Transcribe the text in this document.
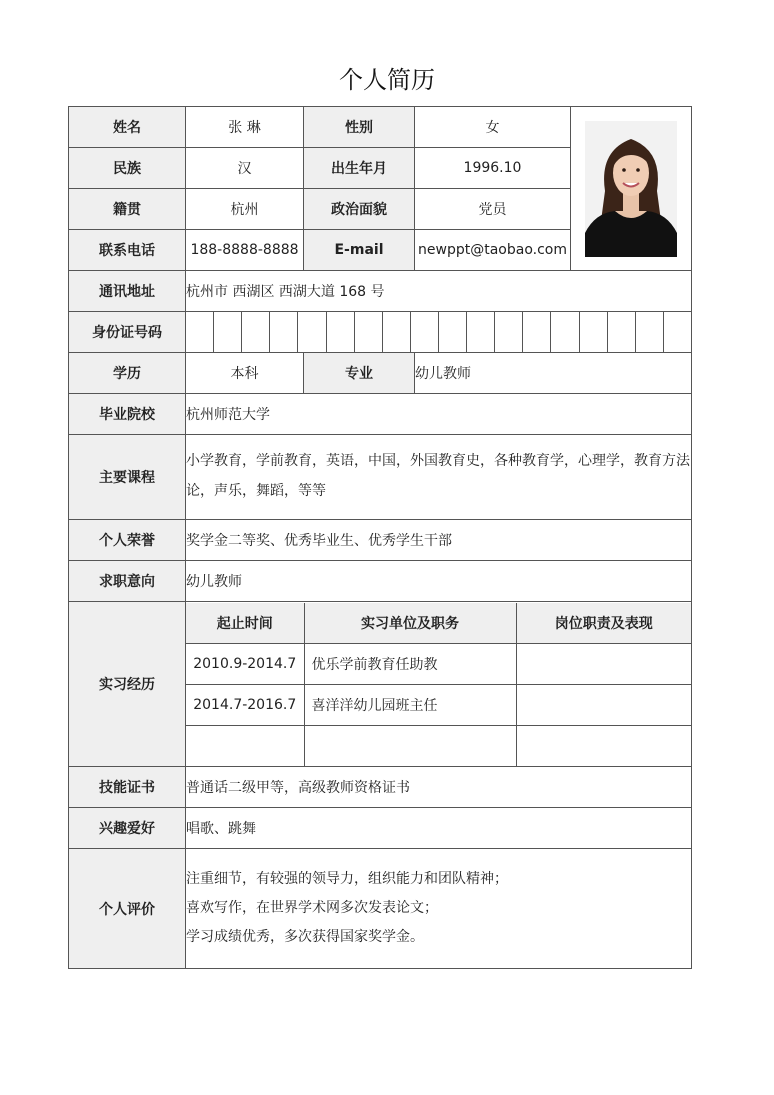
个人简历
姓名	张 琳	性别	女	

民族	汉	出生年月	1996.10
籍贯	杭州	政治面貌	党员
联系电话	188-8888-8888	E-mail	newppt@taobao.com
通讯地址	杭州市 西湖区 西湖大道 168 号
身份证号码	

学历	本科	专业	幼儿教师
毕业院校	杭州师范大学
主要课程	
小学教育，学前教育，英语，中国，外国教育史，各种教育学，心理学，教育方法
论，声乐，舞蹈，等等

个人荣誉	奖学金二等奖、优秀毕业生、优秀学生干部
求职意向	幼儿教师
实习经历	
起止时间	实习单位及职务	岗位职责及表现
2010.9-2014.7	优乐学前教育任助教	
2014.7-2016.7	喜洋洋幼儿园班主任	

技能证书	普通话二级甲等，高级教师资格证书
兴趣爱好	唱歌、跳舞
个人评价	
注重细节，有较强的领导力，组织能力和团队精神；
喜欢写作，在世界学术网多次发表论文；
学习成绩优秀，多次获得国家奖学金。
